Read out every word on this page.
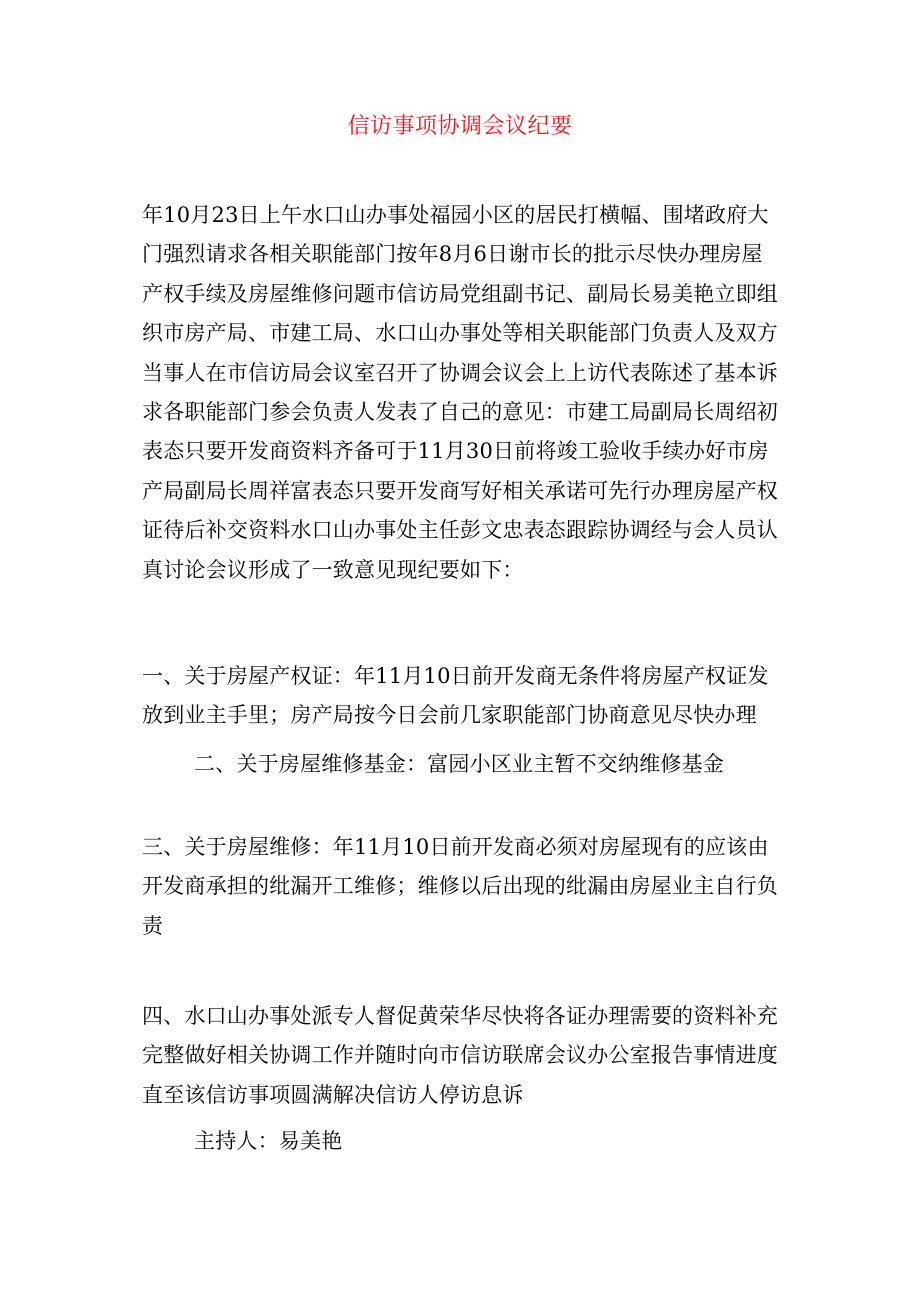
信访事项协调会议纪要

年10月23日上午水口山办事处福园小区的居民打横幅、围堵政府大门强烈请求各相关职能部门按年8月6日谢市长的批示尽快办理房屋产权手续及房屋维修问题市信访局党组副书记、副局长易美艳立即组织市房产局、市建工局、水口山办事处等相关职能部门负责人及双方当事人在市信访局会议室召开了协调会议会上上访代表陈述了基本诉求各职能部门参会负责人发表了自己的意见：市建工局副局长周绍初表态只要开发商资料齐备可于11月30日前将竣工验收手续办好市房产局副局长周祥富表态只要开发商写好相关承诺可先行办理房屋产权证待后补交资料水口山办事处主任彭文忠表态跟踪协调经与会人员认真讨论会议形成了一致意见现纪要如下：

一、关于房屋产权证：年11月10日前开发商无条件将房屋产权证发放到业主手里；房产局按今日会前几家职能部门协商意见尽快办理

二、关于房屋维修基金：富园小区业主暂不交纳维修基金

三、关于房屋维修：年11月10日前开发商必须对房屋现有的应该由开发商承担的纰漏开工维修；维修以后出现的纰漏由房屋业主自行负责

四、水口山办事处派专人督促黄荣华尽快将各证办理需要的资料补充完整做好相关协调工作并随时向市信访联席会议办公室报告事情进度直至该信访事项圆满解决信访人停访息诉

主持人：易美艳
